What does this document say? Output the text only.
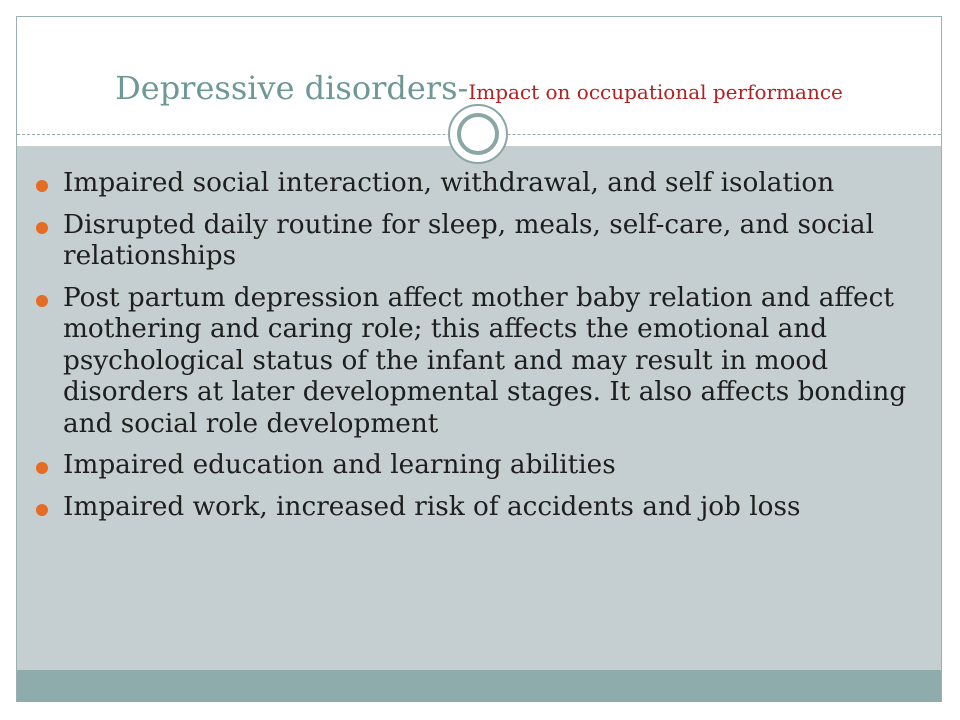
Depressive disorders-Impact on occupational performance
Impaired social interaction, withdrawal, and self isolation
Disrupted daily routine for sleep, meals, self-care, and social relationships
Post partum depression affect mother baby relation and affect mothering and caring role; this affects the emotional and psychological status of the infant and may result in mood disorders at later developmental stages. It also affects bonding and social role development
Impaired education and learning abilities
Impaired work, increased risk of accidents and job loss
